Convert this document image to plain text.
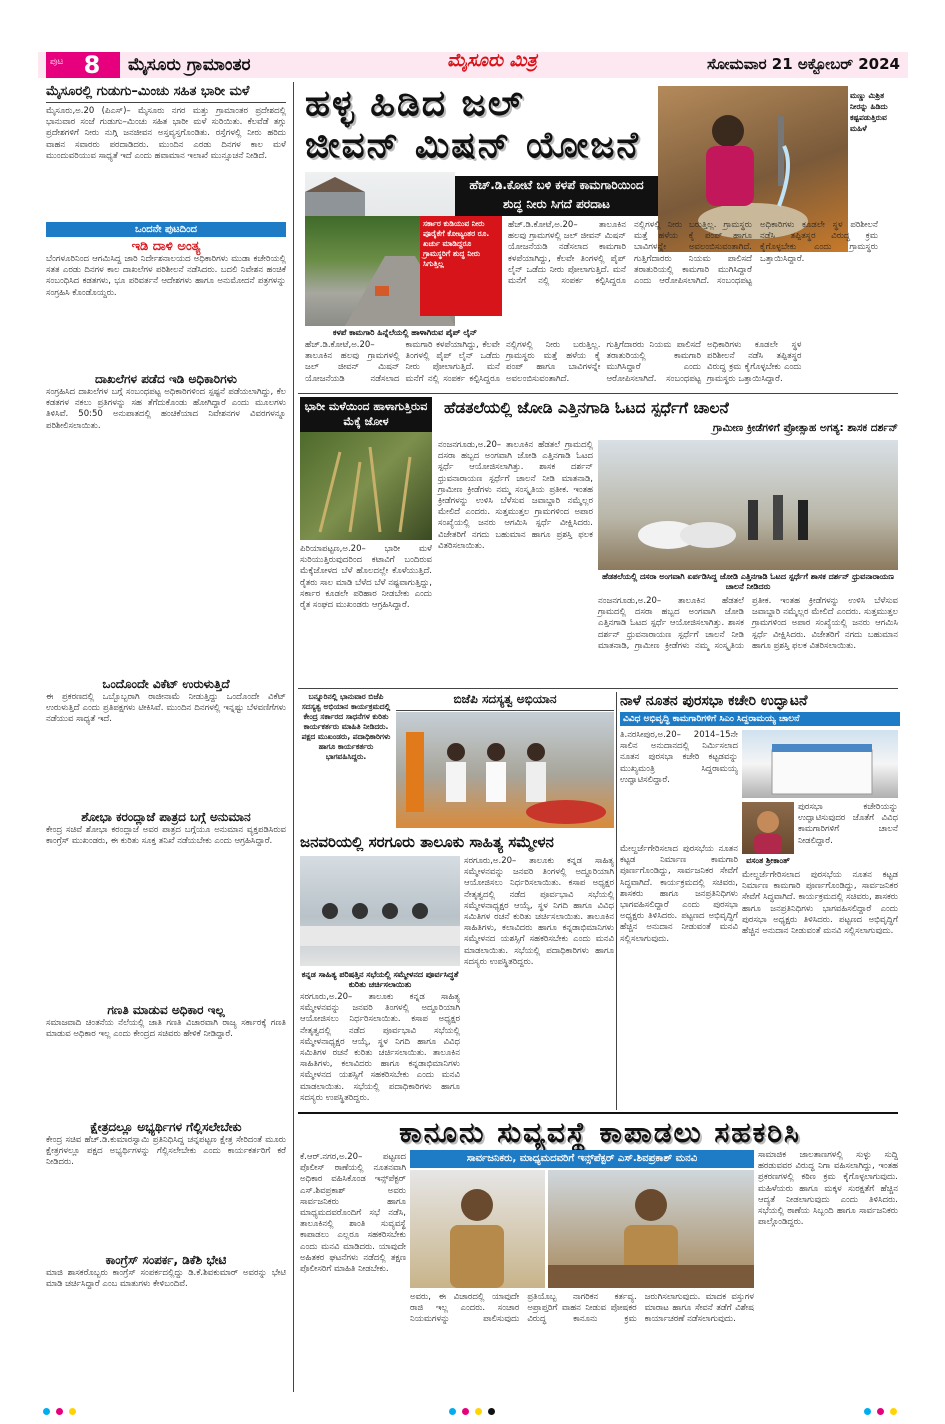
ಪುಟ 8	ಮೈಸೂರು ಗ್ರಾಮಾಂತರ	ಮೈಸೂರು ಮಿತ್ರ	ಸೋಮವಾರ 21 ಅಕ್ಟೋಬರ್ 2024
ಮೈಸೂರಲ್ಲಿ ಗುಡುಗು–ಮಿಂಚು ಸಹಿತ ಭಾರೀ ಮಳೆ
ಮೈಸೂರು,ಅ.20 (ಪಿಎಸ್)– ಮೈಸೂರು ನಗರ ಮತ್ತು ಗ್ರಾಮಾಂತರ ಪ್ರದೇಶದಲ್ಲಿ ಭಾನುವಾರ ಸಂಜೆ ಗುಡುಗು–ಮಿಂಚು ಸಹಿತ ಭಾರೀ ಮಳೆ ಸುರಿಯಿತು. ಕೆಲವೆಡೆ ತಗ್ಗು ಪ್ರದೇಶಗಳಿಗೆ ನೀರು ನುಗ್ಗಿ ಜನಜೀವನ ಅಸ್ತವ್ಯಸ್ತಗೊಂಡಿತು. ರಸ್ತೆಗಳಲ್ಲಿ ನೀರು ಹರಿದು ವಾಹನ ಸವಾರರು ಪರದಾಡಿದರು. ಮುಂದಿನ ಎರಡು ದಿನಗಳ ಕಾಲ ಮಳೆ ಮುಂದುವರಿಯುವ ಸಾಧ್ಯತೆ ಇದೆ ಎಂದು ಹವಾಮಾನ ಇಲಾಖೆ ಮುನ್ಸೂಚನೆ ನೀಡಿದೆ.
ಒಂದನೇ ಪುಟದಿಂದ
ಇಡಿ ದಾಳಿ ಅಂತ್ಯ
ಬೆಂಗಳೂರಿನಿಂದ ಆಗಮಿಸಿದ್ದ ಜಾರಿ ನಿರ್ದೇಶನಾಲಯದ ಅಧಿಕಾರಿಗಳು ಮುಡಾ ಕಚೇರಿಯಲ್ಲಿ ಸತತ ಎರಡು ದಿನಗಳ ಕಾಲ ದಾಖಲೆಗಳ ಪರಿಶೀಲನೆ ನಡೆಸಿದರು. ಬದಲಿ ನಿವೇಶನ ಹಂಚಿಕೆ ಸಂಬಂಧಿಸಿದ ಕಡತಗಳು, ಭೂ ಪರಿವರ್ತನೆ ಆದೇಶಗಳು ಹಾಗೂ ಅನುಮೋದನೆ ಪತ್ರಗಳನ್ನು ಸಂಗ್ರಹಿಸಿ ಕೊಂಡೊಯ್ದರು.
ದಾಖಲೆಗಳ ಪಡೆದ ಇಡಿ ಅಧಿಕಾರಿಗಳು
ಸಂಗ್ರಹಿಸಿದ ದಾಖಲೆಗಳ ಬಗ್ಗೆ ಸಂಬಂಧಪಟ್ಟ ಅಧಿಕಾರಿಗಳಿಂದ ಸ್ಪಷ್ಟನೆ ಪಡೆಯಲಾಗಿದ್ದು, ಕೆಲ ಕಡತಗಳ ನಕಲು ಪ್ರತಿಗಳನ್ನು ಸಹ ತೆಗೆದುಕೊಂಡು ಹೋಗಿದ್ದಾರೆ ಎಂದು ಮೂಲಗಳು ತಿಳಿಸಿವೆ. 50:50 ಅನುಪಾತದಲ್ಲಿ ಹಂಚಿಕೆಯಾದ ನಿವೇಶನಗಳ ವಿವರಗಳನ್ನೂ ಪರಿಶೀಲಿಸಲಾಯಿತು.
ಒಂದೊಂದೇ ವಿಕೆಟ್ ಉರುಳುತ್ತಿದೆ
ಈ ಪ್ರಕರಣದಲ್ಲಿ ಒಬ್ಬೊಬ್ಬರಾಗಿ ರಾಜೀನಾಮೆ ನೀಡುತ್ತಿದ್ದು ಒಂದೊಂದೇ ವಿಕೆಟ್ ಉರುಳುತ್ತಿದೆ ಎಂದು ಪ್ರತಿಪಕ್ಷಗಳು ಟೀಕಿಸಿವೆ. ಮುಂದಿನ ದಿನಗಳಲ್ಲಿ ಇನ್ನಷ್ಟು ಬೆಳವಣಿಗೆಗಳು ನಡೆಯುವ ಸಾಧ್ಯತೆ ಇದೆ.
ಶೋಭಾ ಕರಂದ್ಲಾಜೆ ಪಾತ್ರದ ಬಗ್ಗೆ ಅನುಮಾನ
ಕೇಂದ್ರ ಸಚಿವೆ ಶೋಭಾ ಕರಂದ್ಲಾಜೆ ಅವರ ಪಾತ್ರದ ಬಗ್ಗೆಯೂ ಅನುಮಾನ ವ್ಯಕ್ತಪಡಿಸಿರುವ ಕಾಂಗ್ರೆಸ್ ಮುಖಂಡರು, ಈ ಕುರಿತು ಸೂಕ್ತ ತನಿಖೆ ನಡೆಯಬೇಕು ಎಂದು ಆಗ್ರಹಿಸಿದ್ದಾರೆ.
ಗಣತಿ ಮಾಡುವ ಅಧಿಕಾರ ಇಲ್ಲ
ಸಮಾಜವಾದಿ ಚಿಂತನೆಯ ನೆಲೆಯಲ್ಲಿ ಜಾತಿ ಗಣತಿ ವಿಚಾರವಾಗಿ ರಾಜ್ಯ ಸರ್ಕಾರಕ್ಕೆ ಗಣತಿ ಮಾಡುವ ಅಧಿಕಾರ ಇಲ್ಲ ಎಂದು ಕೇಂದ್ರದ ಸಚಿವರು ಹೇಳಿಕೆ ನೀಡಿದ್ದಾರೆ.
ಕ್ಷೇತ್ರದಲ್ಲೂ ಅಭ್ಯರ್ಥಿಗಳ ಗೆಲ್ಲಿಸಲೇಬೇಕು
ಕೇಂದ್ರ ಸಚಿವ ಹೆಚ್.ಡಿ.ಕುಮಾರಸ್ವಾಮಿ ಪ್ರತಿನಿಧಿಸಿದ್ದ ಚನ್ನಪಟ್ಟಣ ಕ್ಷೇತ್ರ ಸೇರಿದಂತೆ ಮೂರು ಕ್ಷೇತ್ರಗಳಲ್ಲೂ ಪಕ್ಷದ ಅಭ್ಯರ್ಥಿಗಳನ್ನು ಗೆಲ್ಲಿಸಲೇಬೇಕು ಎಂದು ಕಾರ್ಯಕರ್ತರಿಗೆ ಕರೆ ನೀಡಿದರು.
ಕಾಂಗ್ರೆಸ್ ಸಂಪರ್ಕ, ಡಿಕೆಶಿ ಭೇಟಿ
ಮಾಜಿ ಶಾಸಕರೊಬ್ಬರು ಕಾಂಗ್ರೆಸ್ ಸಂಪರ್ಕದಲ್ಲಿದ್ದು ಡಿ.ಕೆ.ಶಿವಕುಮಾರ್ ಅವರನ್ನು ಭೇಟಿ ಮಾಡಿ ಚರ್ಚಿಸಿದ್ದಾರೆ ಎಂಬ ಮಾತುಗಳು ಕೇಳಿಬಂದಿವೆ.
ಹಳ್ಳ ಹಿಡಿದ ಜಲ್
ಜೀವನ್ ಮಿಷನ್ ಯೋಜನೆ
ಮಣ್ಣು ಮಿಶ್ರಿತ ನೀರನ್ನು ಹಿಡಿದು ಕಷ್ಟಪಡುತ್ತಿರುವ ಮಹಿಳೆ
ಹೆಚ್.ಡಿ.ಕೋಟೆ ಬಳಿ ಕಳಪೆ ಕಾಮಗಾರಿಯಿಂದ
ಶುದ್ಧ ನೀರು ಸಿಗದೆ ಪರದಾಟ
ಸರ್ಕಾರ ಕುಡಿಯುವ ನೀರು ಪೂರೈಕೆಗೆ ಕೋಟ್ಯಂತರ ರೂ. ಖರ್ಚು ಮಾಡಿದ್ದರೂ ಗ್ರಾಮಸ್ಥರಿಗೆ ಶುದ್ಧ ನೀರು ಸಿಗುತ್ತಿಲ್ಲ
ಕಳಪೆ ಕಾಮಗಾರಿ ಹಿನ್ನೆಲೆಯಲ್ಲಿ ಹಾಳಾಗಿರುವ ಪೈಪ್ ಲೈನ್
ಹೆಚ್.ಡಿ.ಕೋಟೆ,ಅ.20– ತಾಲೂಕಿನ ಹಲವು ಗ್ರಾಮಗಳಲ್ಲಿ ಜಲ್ ಜೀವನ್ ಮಿಷನ್ ಯೋಜನೆಯಡಿ ನಡೆಸಲಾದ ಕಾಮಗಾರಿ ಕಳಪೆಯಾಗಿದ್ದು, ಕೆಲವೇ ತಿಂಗಳಲ್ಲಿ ಪೈಪ್ ಲೈನ್ ಒಡೆದು ನೀರು ಪೋಲಾಗುತ್ತಿದೆ. ಮನೆ ಮನೆಗೆ ನಲ್ಲಿ ಸಂಪರ್ಕ ಕಲ್ಪಿಸಿದ್ದರೂ ನಲ್ಲಿಗಳಲ್ಲಿ ನೀರು ಬರುತ್ತಿಲ್ಲ. ಗ್ರಾಮಸ್ಥರು ಮತ್ತೆ ಹಳೆಯ ಕೈ ಪಂಪ್ ಹಾಗೂ ಬಾವಿಗಳನ್ನೇ ಅವಲಂಬಿಸುವಂತಾಗಿದೆ. ಗುತ್ತಿಗೆದಾರರು ನಿಯಮ ಪಾಲಿಸದೆ ತರಾತುರಿಯಲ್ಲಿ ಕಾಮಗಾರಿ ಮುಗಿಸಿದ್ದಾರೆ ಎಂದು ಆರೋಪಿಸಲಾಗಿದೆ. ಸಂಬಂಧಪಟ್ಟ ಅಧಿಕಾರಿಗಳು ಕೂಡಲೇ ಸ್ಥಳ ಪರಿಶೀಲನೆ ನಡೆಸಿ ತಪ್ಪಿತಸ್ಥರ ವಿರುದ್ಧ ಕ್ರಮ ಕೈಗೊಳ್ಳಬೇಕು ಎಂದು ಗ್ರಾಮಸ್ಥರು ಒತ್ತಾಯಿಸಿದ್ದಾರೆ.
ಹೆಚ್.ಡಿ.ಕೋಟೆ,ಅ.20– ತಾಲೂಕಿನ ಹಲವು ಗ್ರಾಮಗಳಲ್ಲಿ ಜಲ್ ಜೀವನ್ ಮಿಷನ್ ಯೋಜನೆಯಡಿ ನಡೆಸಲಾದ ಕಾಮಗಾರಿ ಕಳಪೆಯಾಗಿದ್ದು, ಕೆಲವೇ ತಿಂಗಳಲ್ಲಿ ಪೈಪ್ ಲೈನ್ ಒಡೆದು ನೀರು ಪೋಲಾಗುತ್ತಿದೆ. ಮನೆ ಮನೆಗೆ ನಲ್ಲಿ ಸಂಪರ್ಕ ಕಲ್ಪಿಸಿದ್ದರೂ ನಲ್ಲಿಗಳಲ್ಲಿ ನೀರು ಬರುತ್ತಿಲ್ಲ. ಗ್ರಾಮಸ್ಥರು ಮತ್ತೆ ಹಳೆಯ ಕೈ ಪಂಪ್ ಹಾಗೂ ಬಾವಿಗಳನ್ನೇ ಅವಲಂಬಿಸುವಂತಾಗಿದೆ. ಗುತ್ತಿಗೆದಾರರು ನಿಯಮ ಪಾಲಿಸದೆ ತರಾತುರಿಯಲ್ಲಿ ಕಾಮಗಾರಿ ಮುಗಿಸಿದ್ದಾರೆ ಎಂದು ಆರೋಪಿಸಲಾಗಿದೆ. ಸಂಬಂಧಪಟ್ಟ ಅಧಿಕಾರಿಗಳು ಕೂಡಲೇ ಸ್ಥಳ ಪರಿಶೀಲನೆ ನಡೆಸಿ ತಪ್ಪಿತಸ್ಥರ ವಿರುದ್ಧ ಕ್ರಮ ಕೈಗೊಳ್ಳಬೇಕು ಎಂದು ಗ್ರಾಮಸ್ಥರು ಒತ್ತಾಯಿಸಿದ್ದಾರೆ.
ಭಾರೀ ಮಳೆಯಿಂದ ಹಾಳಾಗುತ್ತಿರುವ ಮೆಕ್ಕೆ ಜೋಳ
ಪಿರಿಯಾಪಟ್ಟಣ,ಅ.20– ಭಾರೀ ಮಳೆ ಸುರಿಯುತ್ತಿರುವುದರಿಂದ ಕಟಾವಿಗೆ ಬಂದಿರುವ ಮೆಕ್ಕೆಜೋಳದ ಬೆಳೆ ಹೊಲದಲ್ಲೇ ಕೊಳೆಯುತ್ತಿದೆ. ರೈತರು ಸಾಲ ಮಾಡಿ ಬೆಳೆದ ಬೆಳೆ ನಷ್ಟವಾಗುತ್ತಿದ್ದು, ಸರ್ಕಾರ ಕೂಡಲೇ ಪರಿಹಾರ ನೀಡಬೇಕು ಎಂದು ರೈತ ಸಂಘದ ಮುಖಂಡರು ಆಗ್ರಹಿಸಿದ್ದಾರೆ.
ಹೆಡತಲೆಯಲ್ಲಿ ಜೋಡಿ ಎತ್ತಿನಗಾಡಿ ಓಟದ ಸ್ಪರ್ಧೆಗೆ ಚಾಲನೆ
ಗ್ರಾಮೀಣ ಕ್ರೀಡೆಗಳಿಗೆ ಪ್ರೋತ್ಸಾಹ ಅಗತ್ಯ: ಶಾಸಕ ದರ್ಶನ್
ನಂಜನಗೂಡು,ಅ.20– ತಾಲೂಕಿನ ಹೆಡತಲೆ ಗ್ರಾಮದಲ್ಲಿ ದಸರಾ ಹಬ್ಬದ ಅಂಗವಾಗಿ ಜೋಡಿ ಎತ್ತಿನಗಾಡಿ ಓಟದ ಸ್ಪರ್ಧೆ ಆಯೋಜಿಸಲಾಗಿತ್ತು. ಶಾಸಕ ದರ್ಶನ್ ಧ್ರುವನಾರಾಯಣ ಸ್ಪರ್ಧೆಗೆ ಚಾಲನೆ ನೀಡಿ ಮಾತನಾಡಿ, ಗ್ರಾಮೀಣ ಕ್ರೀಡೆಗಳು ನಮ್ಮ ಸಂಸ್ಕೃತಿಯ ಪ್ರತೀಕ. ಇಂತಹ ಕ್ರೀಡೆಗಳನ್ನು ಉಳಿಸಿ ಬೆಳೆಸುವ ಜವಾಬ್ದಾರಿ ನಮ್ಮೆಲ್ಲರ ಮೇಲಿದೆ ಎಂದರು. ಸುತ್ತಮುತ್ತಲ ಗ್ರಾಮಗಳಿಂದ ಅಪಾರ ಸಂಖ್ಯೆಯಲ್ಲಿ ಜನರು ಆಗಮಿಸಿ ಸ್ಪರ್ಧೆ ವೀಕ್ಷಿಸಿದರು. ವಿಜೇತರಿಗೆ ನಗದು ಬಹುಮಾನ ಹಾಗೂ ಪ್ರಶಸ್ತಿ ಫಲಕ ವಿತರಿಸಲಾಯಿತು.
ಹೆಡತಲೆಯಲ್ಲಿ ದಸರಾ ಅಂಗವಾಗಿ ಏರ್ಪಡಿಸಿದ್ದ ಜೋಡಿ ಎತ್ತಿನಗಾಡಿ ಓಟದ ಸ್ಪರ್ಧೆಗೆ ಶಾಸಕ ದರ್ಶನ್ ಧ್ರುವನಾರಾಯಣ ಚಾಲನೆ ನೀಡಿದರು
ನಂಜನಗೂಡು,ಅ.20– ತಾಲೂಕಿನ ಹೆಡತಲೆ ಗ್ರಾಮದಲ್ಲಿ ದಸರಾ ಹಬ್ಬದ ಅಂಗವಾಗಿ ಜೋಡಿ ಎತ್ತಿನಗಾಡಿ ಓಟದ ಸ್ಪರ್ಧೆ ಆಯೋಜಿಸಲಾಗಿತ್ತು. ಶಾಸಕ ದರ್ಶನ್ ಧ್ರುವನಾರಾಯಣ ಸ್ಪರ್ಧೆಗೆ ಚಾಲನೆ ನೀಡಿ ಮಾತನಾಡಿ, ಗ್ರಾಮೀಣ ಕ್ರೀಡೆಗಳು ನಮ್ಮ ಸಂಸ್ಕೃತಿಯ ಪ್ರತೀಕ. ಇಂತಹ ಕ್ರೀಡೆಗಳನ್ನು ಉಳಿಸಿ ಬೆಳೆಸುವ ಜವಾಬ್ದಾರಿ ನಮ್ಮೆಲ್ಲರ ಮೇಲಿದೆ ಎಂದರು. ಸುತ್ತಮುತ್ತಲ ಗ್ರಾಮಗಳಿಂದ ಅಪಾರ ಸಂಖ್ಯೆಯಲ್ಲಿ ಜನರು ಆಗಮಿಸಿ ಸ್ಪರ್ಧೆ ವೀಕ್ಷಿಸಿದರು. ವಿಜೇತರಿಗೆ ನಗದು ಬಹುಮಾನ ಹಾಗೂ ಪ್ರಶಸ್ತಿ ಫಲಕ ವಿತರಿಸಲಾಯಿತು.
ಬನ್ನೂರಿನಲ್ಲಿ ಭಾನುವಾರ ಬಿಜೆಪಿ ಸದಸ್ಯತ್ವ ಅಭಿಯಾನ ಕಾರ್ಯಕ್ರಮದಲ್ಲಿ ಕೇಂದ್ರ ಸರ್ಕಾರದ ಸಾಧನೆಗಳ ಕುರಿತು ಕಾರ್ಯಕರ್ತರು ಮಾಹಿತಿ ನೀಡಿದರು. ಪಕ್ಷದ ಮುಖಂಡರು, ಪದಾಧಿಕಾರಿಗಳು ಹಾಗೂ ಕಾರ್ಯಕರ್ತರು ಭಾಗವಹಿಸಿದ್ದರು.
ಬಿಜೆಪಿ ಸದಸ್ಯತ್ವ ಅಭಿಯಾನ	ನಾಳೆ ನೂತನ ಪುರಸಭಾ ಕಚೇರಿ ಉದ್ಘಾಟನೆ
ವಿವಿಧ ಅಭಿವೃದ್ಧಿ ಕಾಮಗಾರಿಗಳಿಗೆ ಸಿಎಂ ಸಿದ್ದರಾಮಯ್ಯ ಚಾಲನೆ
ತಿ.ನರಸೀಪುರ,ಅ.20– 2014–15ನೇ ಸಾಲಿನ ಅನುದಾನದಲ್ಲಿ ನಿರ್ಮಿಸಲಾದ ನೂತನ ಪುರಸಭಾ ಕಚೇರಿ ಕಟ್ಟಡವನ್ನು ಮುಖ್ಯಮಂತ್ರಿ ಸಿದ್ದರಾಮಯ್ಯ ಉದ್ಘಾಟಿಸಲಿದ್ದಾರೆ.
ಪುರಸಭಾ ಕಚೇರಿಯನ್ನು ಉದ್ಘಾಟಿಸುವುದರ ಜೊತೆಗೆ ವಿವಿಧ ಕಾಮಗಾರಿಗಳಿಗೆ ಚಾಲನೆ ನೀಡಲಿದ್ದಾರೆ.
ವಸಂತ ಶ್ರೀಕಾಂತ್
ಮೇಲ್ದರ್ಜೆಗೇರಿಸಲಾದ ಪುರಸಭೆಯ ನೂತನ ಕಟ್ಟಡ ನಿರ್ಮಾಣ ಕಾಮಗಾರಿ ಪೂರ್ಣಗೊಂಡಿದ್ದು, ಸಾರ್ವಜನಿಕರ ಸೇವೆಗೆ ಸಿದ್ಧವಾಗಿದೆ. ಕಾರ್ಯಕ್ರಮದಲ್ಲಿ ಸಚಿವರು, ಶಾಸಕರು ಹಾಗೂ ಜನಪ್ರತಿನಿಧಿಗಳು ಭಾಗವಹಿಸಲಿದ್ದಾರೆ ಎಂದು ಪುರಸಭಾ ಅಧ್ಯಕ್ಷರು ತಿಳಿಸಿದರು. ಪಟ್ಟಣದ ಅಭಿವೃದ್ಧಿಗೆ ಹೆಚ್ಚಿನ ಅನುದಾನ ನೀಡುವಂತೆ ಮನವಿ ಸಲ್ಲಿಸಲಾಗುವುದು.
ಮೇಲ್ದರ್ಜೆಗೇರಿಸಲಾದ ಪುರಸಭೆಯ ನೂತನ ಕಟ್ಟಡ ನಿರ್ಮಾಣ ಕಾಮಗಾರಿ ಪೂರ್ಣಗೊಂಡಿದ್ದು, ಸಾರ್ವಜನಿಕರ ಸೇವೆಗೆ ಸಿದ್ಧವಾಗಿದೆ. ಕಾರ್ಯಕ್ರಮದಲ್ಲಿ ಸಚಿವರು, ಶಾಸಕರು ಹಾಗೂ ಜನಪ್ರತಿನಿಧಿಗಳು ಭಾಗವಹಿಸಲಿದ್ದಾರೆ ಎಂದು ಪುರಸಭಾ ಅಧ್ಯಕ್ಷರು ತಿಳಿಸಿದರು. ಪಟ್ಟಣದ ಅಭಿವೃದ್ಧಿಗೆ ಹೆಚ್ಚಿನ ಅನುದಾನ ನೀಡುವಂತೆ ಮನವಿ ಸಲ್ಲಿಸಲಾಗುವುದು.
ಜನವರಿಯಲ್ಲಿ ಸರಗೂರು ತಾಲೂಕು ಸಾಹಿತ್ಯ ಸಮ್ಮೇಳನ
ಕನ್ನಡ ಸಾಹಿತ್ಯ ಪರಿಷತ್ತಿನ ಸಭೆಯಲ್ಲಿ ಸಮ್ಮೇಳನದ ಪೂರ್ವಸಿದ್ಧತೆ ಕುರಿತು ಚರ್ಚಿಸಲಾಯಿತು
ಸರಗೂರು,ಅ.20– ತಾಲೂಕು ಕನ್ನಡ ಸಾಹಿತ್ಯ ಸಮ್ಮೇಳನವನ್ನು ಜನವರಿ ತಿಂಗಳಲ್ಲಿ ಅದ್ದೂರಿಯಾಗಿ ಆಯೋಜಿಸಲು ನಿರ್ಧರಿಸಲಾಯಿತು. ಕಸಾಪ ಅಧ್ಯಕ್ಷರ ನೇತೃತ್ವದಲ್ಲಿ ನಡೆದ ಪೂರ್ವಭಾವಿ ಸಭೆಯಲ್ಲಿ ಸಮ್ಮೇಳನಾಧ್ಯಕ್ಷರ ಆಯ್ಕೆ, ಸ್ಥಳ ನಿಗದಿ ಹಾಗೂ ವಿವಿಧ ಸಮಿತಿಗಳ ರಚನೆ ಕುರಿತು ಚರ್ಚಿಸಲಾಯಿತು. ತಾಲೂಕಿನ ಸಾಹಿತಿಗಳು, ಕಲಾವಿದರು ಹಾಗೂ ಕನ್ನಡಾಭಿಮಾನಿಗಳು ಸಮ್ಮೇಳನದ ಯಶಸ್ಸಿಗೆ ಸಹಕರಿಸಬೇಕು ಎಂದು ಮನವಿ ಮಾಡಲಾಯಿತು. ಸಭೆಯಲ್ಲಿ ಪದಾಧಿಕಾರಿಗಳು ಹಾಗೂ ಸದಸ್ಯರು ಉಪಸ್ಥಿತರಿದ್ದರು.
ಸರಗೂರು,ಅ.20– ತಾಲೂಕು ಕನ್ನಡ ಸಾಹಿತ್ಯ ಸಮ್ಮೇಳನವನ್ನು ಜನವರಿ ತಿಂಗಳಲ್ಲಿ ಅದ್ದೂರಿಯಾಗಿ ಆಯೋಜಿಸಲು ನಿರ್ಧರಿಸಲಾಯಿತು. ಕಸಾಪ ಅಧ್ಯಕ್ಷರ ನೇತೃತ್ವದಲ್ಲಿ ನಡೆದ ಪೂರ್ವಭಾವಿ ಸಭೆಯಲ್ಲಿ ಸಮ್ಮೇಳನಾಧ್ಯಕ್ಷರ ಆಯ್ಕೆ, ಸ್ಥಳ ನಿಗದಿ ಹಾಗೂ ವಿವಿಧ ಸಮಿತಿಗಳ ರಚನೆ ಕುರಿತು ಚರ್ಚಿಸಲಾಯಿತು. ತಾಲೂಕಿನ ಸಾಹಿತಿಗಳು, ಕಲಾವಿದರು ಹಾಗೂ ಕನ್ನಡಾಭಿಮಾನಿಗಳು ಸಮ್ಮೇಳನದ ಯಶಸ್ಸಿಗೆ ಸಹಕರಿಸಬೇಕು ಎಂದು ಮನವಿ ಮಾಡಲಾಯಿತು. ಸಭೆಯಲ್ಲಿ ಪದಾಧಿಕಾರಿಗಳು ಹಾಗೂ ಸದಸ್ಯರು ಉಪಸ್ಥಿತರಿದ್ದರು.
ಕಾನೂನು ಸುವ್ಯವಸ್ಥೆ ಕಾಪಾಡಲು ಸಹಕರಿಸಿ
ಸಾರ್ವಜನಿಕರು, ಮಾಧ್ಯಮದವರಿಗೆ ಇನ್ಸ್‌ಪೆಕ್ಟರ್ ಎಸ್.ಶಿವಪ್ರಕಾಶ್ ಮನವಿ
ಕೆ.ಆರ್.ನಗರ,ಅ.20– ಪಟ್ಟಣದ ಪೊಲೀಸ್ ಠಾಣೆಯಲ್ಲಿ ನೂತನವಾಗಿ ಅಧಿಕಾರ ವಹಿಸಿಕೊಂಡ ಇನ್ಸ್‌ಪೆಕ್ಟರ್ ಎಸ್.ಶಿವಪ್ರಕಾಶ್ ಅವರು ಸಾರ್ವಜನಿಕರು ಹಾಗೂ ಮಾಧ್ಯಮದವರೊಂದಿಗೆ ಸಭೆ ನಡೆಸಿ, ತಾಲೂಕಿನಲ್ಲಿ ಶಾಂತಿ ಸುವ್ಯವಸ್ಥೆ ಕಾಪಾಡಲು ಎಲ್ಲರೂ ಸಹಕರಿಸಬೇಕು ಎಂದು ಮನವಿ ಮಾಡಿದರು. ಯಾವುದೇ ಅಹಿತಕರ ಘಟನೆಗಳು ನಡೆದಲ್ಲಿ ತಕ್ಷಣ ಪೊಲೀಸರಿಗೆ ಮಾಹಿತಿ ನೀಡಬೇಕು.
ಅವರು, ಈ ವಿಚಾರದಲ್ಲಿ ಯಾವುದೇ ರಾಜಿ ಇಲ್ಲ ಎಂದರು. ಸಂಚಾರ ನಿಯಮಗಳನ್ನು ಪಾಲಿಸುವುದು ಪ್ರತಿಯೊಬ್ಬ ನಾಗರಿಕನ ಕರ್ತವ್ಯ. ಅಪ್ರಾಪ್ತರಿಗೆ ವಾಹನ ನೀಡುವ ಪೋಷಕರ ವಿರುದ್ಧ ಕಾನೂನು ಕ್ರಮ ಜರುಗಿಸಲಾಗುವುದು. ಮಾದಕ ವಸ್ತುಗಳ ಮಾರಾಟ ಹಾಗೂ ಸೇವನೆ ತಡೆಗೆ ವಿಶೇಷ ಕಾರ್ಯಾಚರಣೆ ನಡೆಸಲಾಗುವುದು.
ಸಾಮಾಜಿಕ ಜಾಲತಾಣಗಳಲ್ಲಿ ಸುಳ್ಳು ಸುದ್ದಿ ಹರಡುವವರ ವಿರುದ್ಧ ನಿಗಾ ವಹಿಸಲಾಗಿದ್ದು, ಇಂತಹ ಪ್ರಕರಣಗಳಲ್ಲಿ ಕಠಿಣ ಕ್ರಮ ಕೈಗೊಳ್ಳಲಾಗುವುದು. ಮಹಿಳೆಯರು ಹಾಗೂ ಮಕ್ಕಳ ಸುರಕ್ಷತೆಗೆ ಹೆಚ್ಚಿನ ಆದ್ಯತೆ ನೀಡಲಾಗುವುದು ಎಂದು ತಿಳಿಸಿದರು. ಸಭೆಯಲ್ಲಿ ಠಾಣೆಯ ಸಿಬ್ಬಂದಿ ಹಾಗೂ ಸಾರ್ವಜನಿಕರು ಪಾಲ್ಗೊಂಡಿದ್ದರು.
